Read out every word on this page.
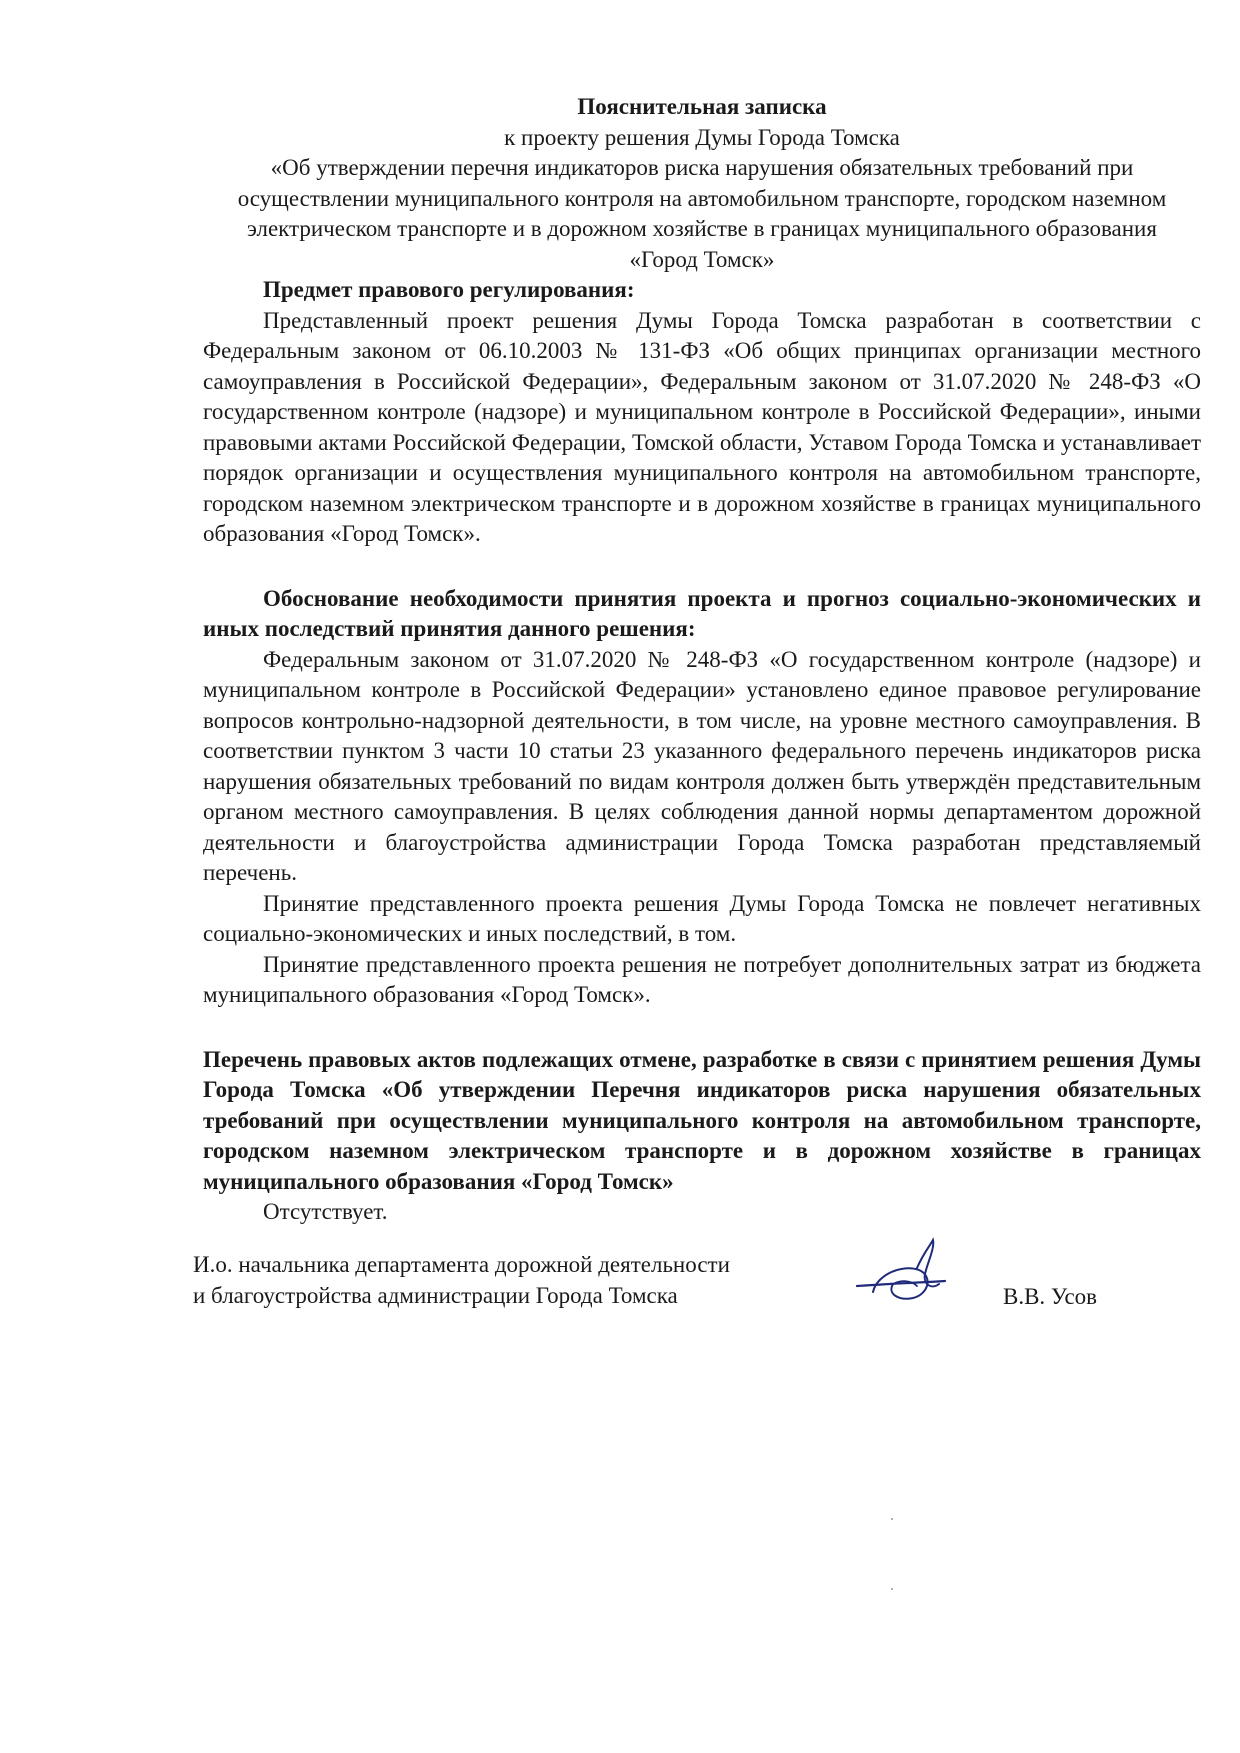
Пояснительная записка

к проекту решения Думы Города Томска

«Об утверждении перечня индикаторов риска нарушения обязательных требований при осуществлении муниципального контроля на автомобильном транспорте, городском наземном электрическом транспорте и в дорожном хозяйстве в границах муниципального образования «Город Томск»

Предмет правового регулирования:

Представленный проект решения Думы Города Томска разработан в соответствии с Федеральным законом от 06.10.2003 № 131-ФЗ «Об общих принципах организации местного самоуправления в Российской Федерации», Федеральным законом от 31.07.2020 № 248-ФЗ «О государственном контроле (надзоре) и муниципальном контроле в Российской Федерации», иными правовыми актами Российской Федерации, Томской области, Уставом Города Томска и устанавливает порядок организации и осуществления муниципального контроля на автомобильном транспорте, городском наземном электрическом транспорте и в дорожном хозяйстве в границах муниципального образования «Город Томск».

Обоснование необходимости принятия проекта и прогноз социально-экономических и иных последствий принятия данного решения:

Федеральным законом от 31.07.2020 № 248-ФЗ «О государственном контроле (надзоре) и муниципальном контроле в Российской Федерации» установлено единое правовое регулирование вопросов контрольно-надзорной деятельности, в том числе, на уровне местного самоуправления. В соответствии пунктом 3 части 10 статьи 23 указанного федерального перечень индикаторов риска нарушения обязательных требований по видам контроля должен быть утверждён представительным органом местного самоуправления. В целях соблюдения данной нормы департаментом дорожной деятельности и благоустройства администрации Города Томска разработан представляемый перечень.

Принятие представленного проекта решения Думы Города Томска не повлечет негативных социально-экономических и иных последствий, в том.

Принятие представленного проекта решения не потребует дополнительных затрат из бюджета муниципального образования «Город Томск».

Перечень правовых актов подлежащих отмене, разработке в связи с принятием решения Думы Города Томска «Об утверждении Перечня индикаторов риска нарушения обязательных требований при осуществлении муниципального контроля на автомобильном транспорте, городском наземном электрическом транспорте и в дорожном хозяйстве в границах муниципального образования «Город Томск»

Отсутствует.

И.о. начальника департамента дорожной деятельности
и благоустройства администрации Города Томска	В.В. Усов
